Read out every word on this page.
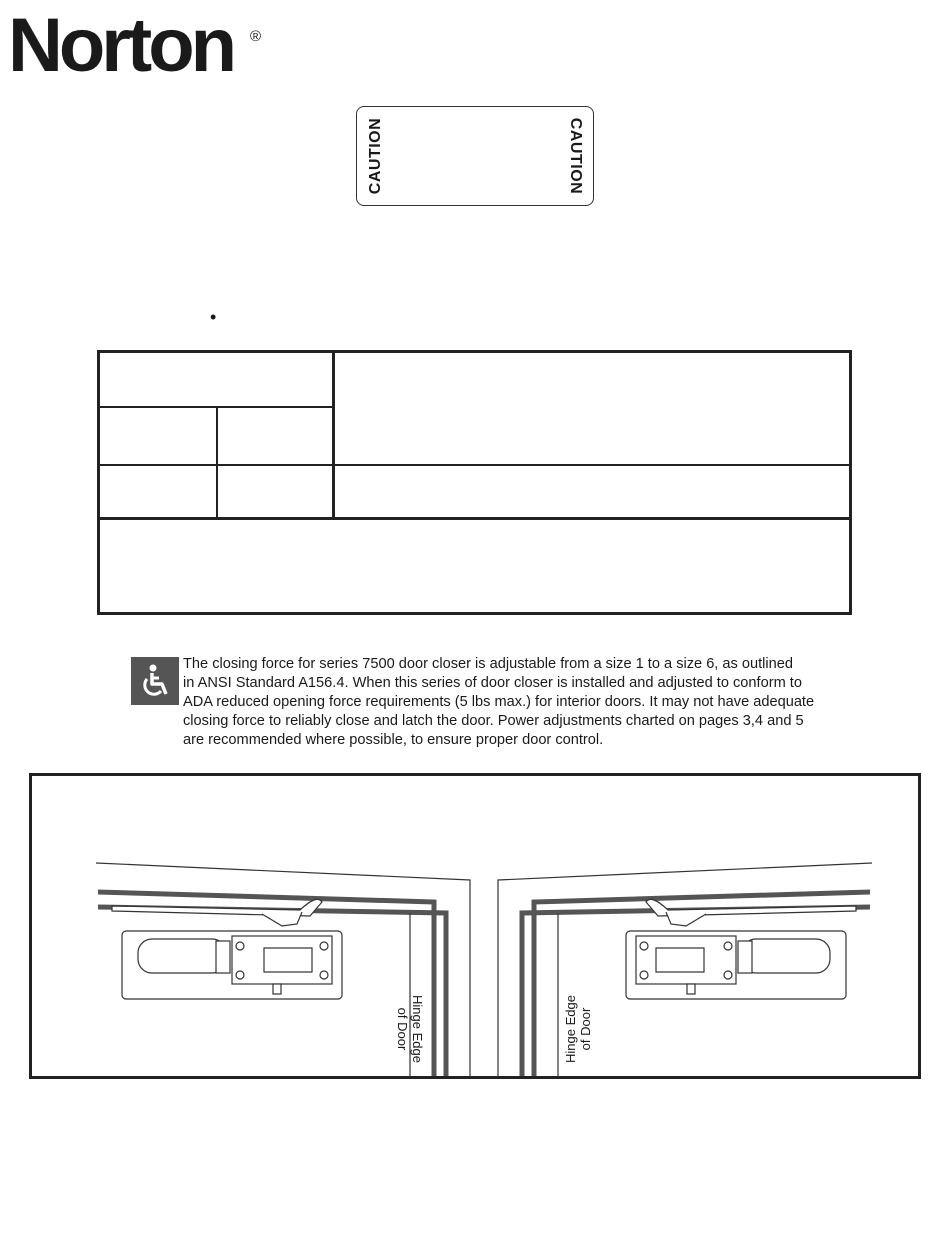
Norton ®
CAUTION	CAUTION
•
The closing force for series 7500 door closer is adjustable from a size 1 to a size 6, as outlined
in ANSI Standard A156.4. When this series of door closer is installed and adjusted to conform to
ADA reduced opening force requirements (5 lbs max.) for interior doors. It may not have adequate
closing force to reliably close and latch the door. Power adjustments charted on pages 3,4 and 5
are recommended where possible, to ensure proper door control.
Hinge Edge
of Door	Hinge Edge of Door
